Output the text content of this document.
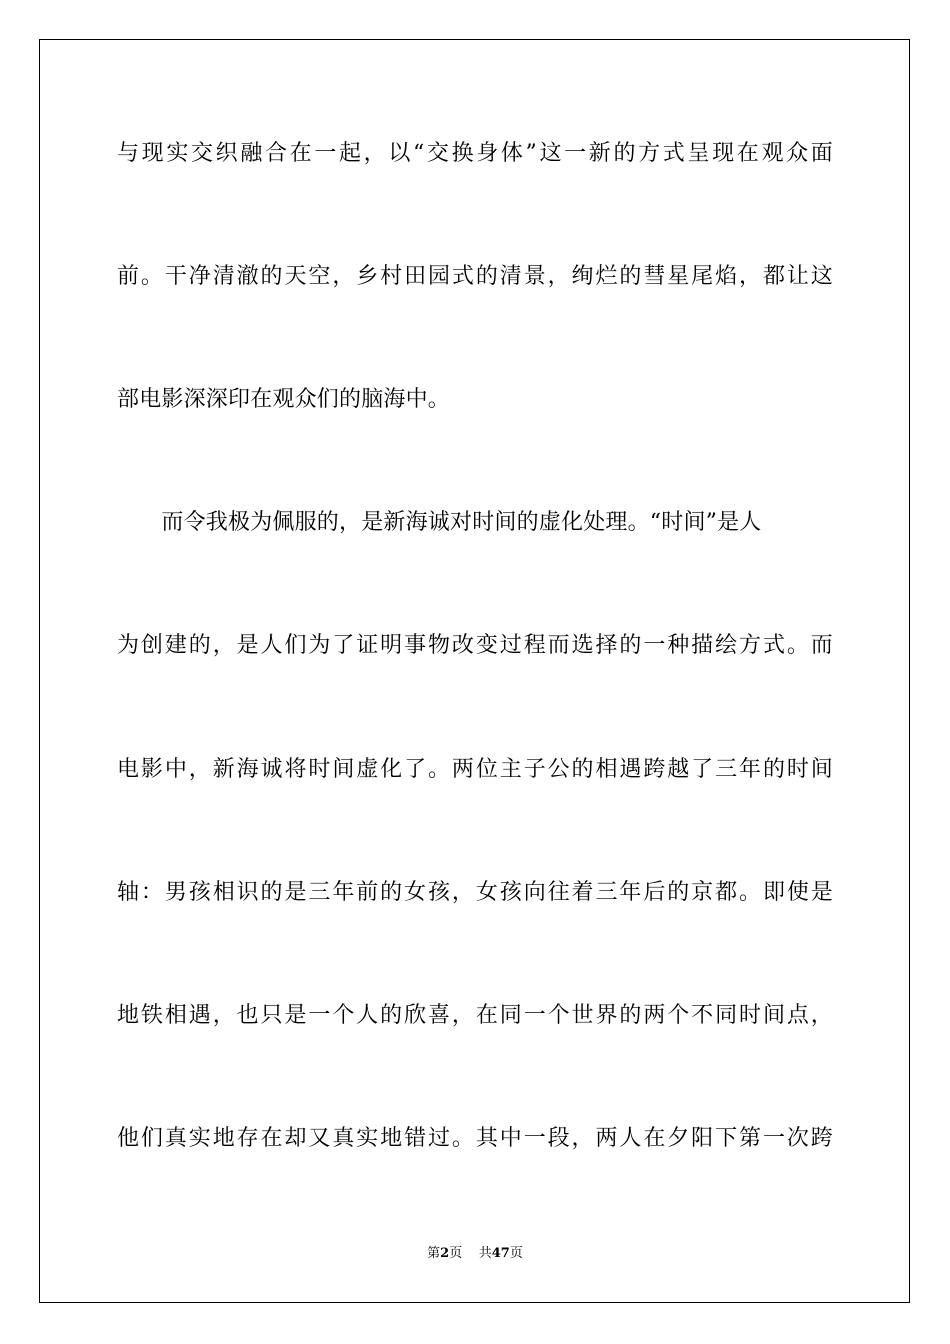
与现实交织融合在一起，以“交换身体”这一新的方式呈现在观众面
前。干净清澈的天空，乡村田园式的清景，绚烂的彗星尾焰，都让这
部电影深深印在观众们的脑海中。
　　而令我极为佩服的，是新海诚对时间的虚化处理。“时间”是人
为创建的，是人们为了证明事物改变过程而选择的一种描绘方式。而
电影中，新海诚将时间虚化了。两位主子公的相遇跨越了三年的时间
轴：男孩相识的是三年前的女孩，女孩向往着三年后的京都。即使是
地铁相遇，也只是一个人的欣喜，在同一个世界的两个不同时间点，
他们真实地存在却又真实地错过。其中一段，两人在夕阳下第一次跨
第2页 共47页
